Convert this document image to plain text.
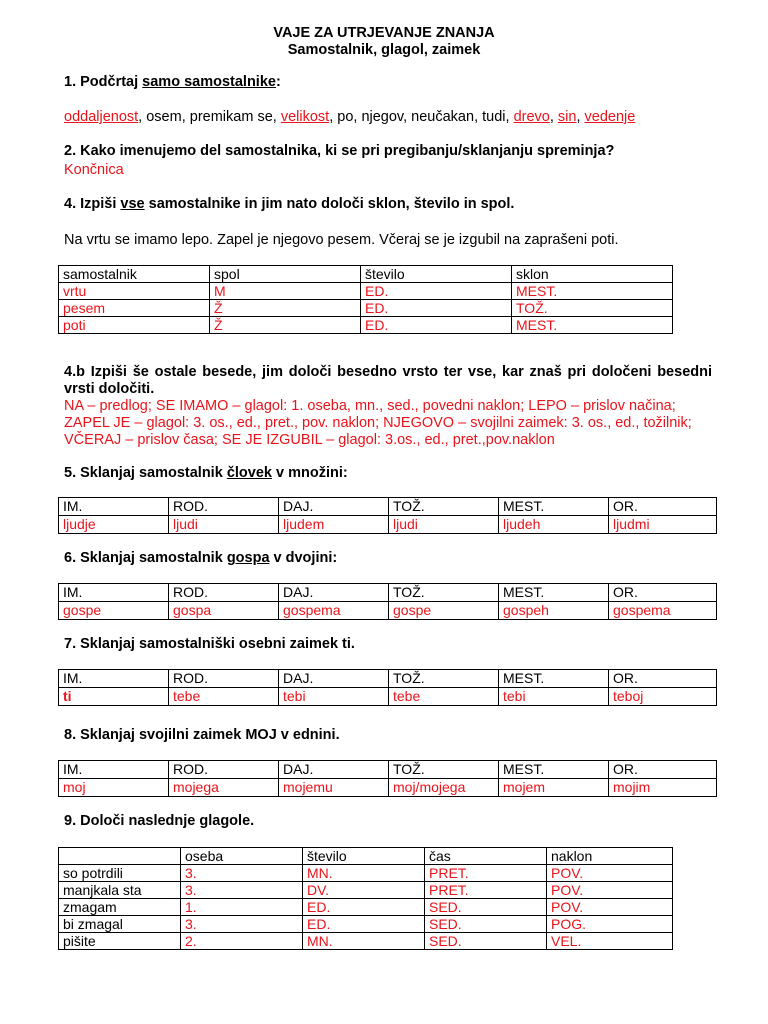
VAJE ZA UTRJEVANJE ZNANJA
Samostalnik, glagol, zaimek
1. Podčrtaj samo samostalnike:
oddaljenost, osem, premikam se, velikost, po, njegov, neučakan, tudi, drevo, sin, vedenje
2. Kako imenujemo del samostalnika, ki se pri pregibanju/sklanjanju spreminja?
Končnica
4. Izpiši vse samostalnike in jim nato določi sklon, število in spol.
Na vrtu se imamo lepo. Zapel je njegovo pesem. Včeraj se je izgubil na zaprašeni poti.
samostalnik	spol	število	sklon
vrtu	M	ED.	MEST.
pesem	Ž	ED.	TOŽ.
poti	Ž	ED.	MEST.
4.b Izpiši še ostale besede, jim določi besedno vrsto ter vse, kar znaš pri določeni besedni vrsti določiti.
NA – predlog; SE IMAMO – glagol: 1. oseba, mn., sed., povedni naklon; LEPO – prislov načina; ZAPEL JE – glagol: 3. os., ed., pret., pov. naklon; NJEGOVO – svojilni zaimek: 3. os., ed., tožilnik; VČERAJ – prislov časa; SE JE IZGUBIL – glagol: 3.os., ed., pret.,pov.naklon
5. Sklanjaj samostalnik človek v množini:
IM.	ROD.	DAJ.	TOŽ.	MEST.	OR.
ljudje	ljudi	ljudem	ljudi	ljudeh	ljudmi
6. Sklanjaj samostalnik gospa v dvojini:
IM.	ROD.	DAJ.	TOŽ.	MEST.	OR.
gospe	gospa	gospema	gospe	gospeh	gospema
7. Sklanjaj samostalniški osebni zaimek ti.
IM.	ROD.	DAJ.	TOŽ.	MEST.	OR.
ti	tebe	tebi	tebe	tebi	teboj
8. Sklanjaj svojilni zaimek MOJ v ednini.
IM.	ROD.	DAJ.	TOŽ.	MEST.	OR.
moj	mojega	mojemu	moj/mojega	mojem	mojim
9. Določi naslednje glagole.
	oseba	število	čas	naklon
so potrdili	3.	MN.	PRET.	POV.
manjkala sta	3.	DV.	PRET.	POV.
zmagam	1.	ED.	SED.	POV.
bi zmagal	3.	ED.	SED.	POG.
pišite	2.	MN.	SED.	VEL.
